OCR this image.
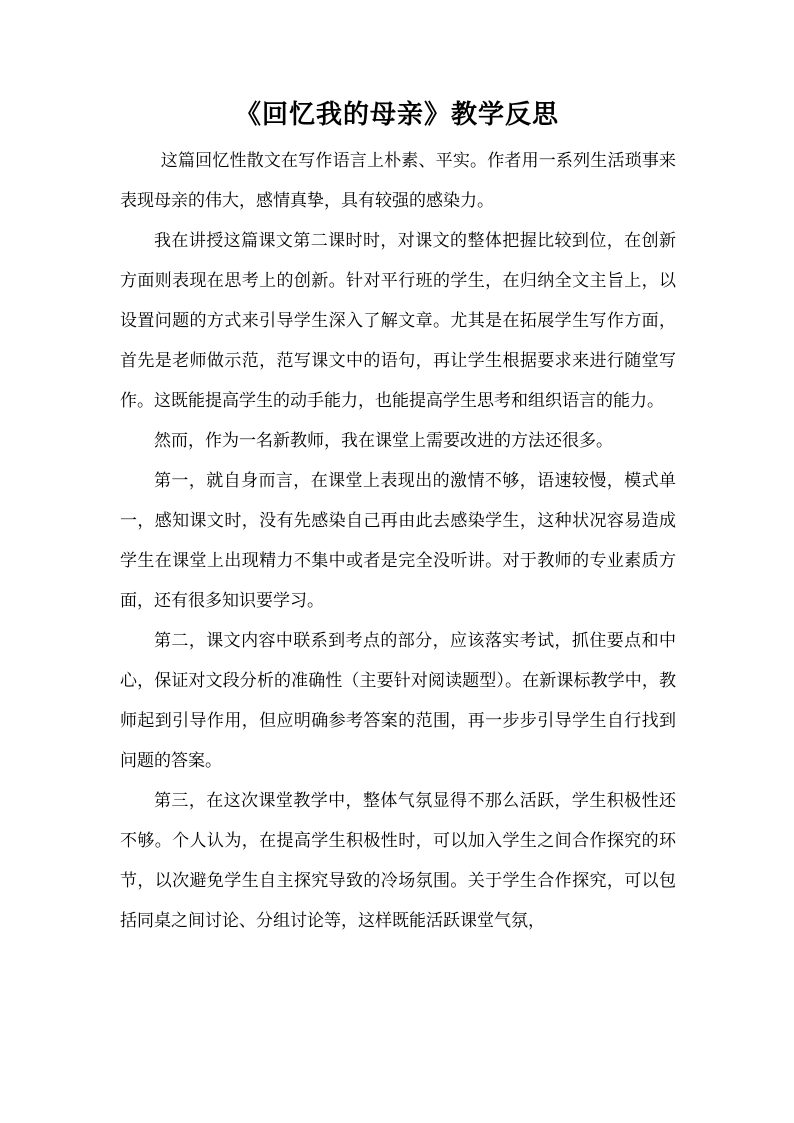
《回忆我的母亲》教学反思

这篇回忆性散文在写作语言上朴素、平实。作者用一系列生活琐事来表现母亲的伟大，感情真挚，具有较强的感染力。

我在讲授这篇课文第二课时时，对课文的整体把握比较到位，在创新方面则表现在思考上的创新。针对平行班的学生，在归纳全文主旨上，以设置问题的方式来引导学生深入了解文章。尤其是在拓展学生写作方面，首先是老师做示范，范写课文中的语句，再让学生根据要求来进行随堂写作。这既能提高学生的动手能力，也能提高学生思考和组织语言的能力。

然而，作为一名新教师，我在课堂上需要改进的方法还很多。

第一，就自身而言，在课堂上表现出的激情不够，语速较慢，模式单一，感知课文时，没有先感染自己再由此去感染学生，这种状况容易造成学生在课堂上出现精力不集中或者是完全没听讲。对于教师的专业素质方面，还有很多知识要学习。

第二，课文内容中联系到考点的部分，应该落实考试，抓住要点和中心，保证对文段分析的准确性（主要针对阅读题型）。在新课标教学中，教师起到引导作用，但应明确参考答案的范围，再一步步引导学生自行找到问题的答案。

第三，在这次课堂教学中，整体气氛显得不那么活跃，学生积极性还不够。个人认为，在提高学生积极性时，可以加入学生之间合作探究的环节，以次避免学生自主探究导致的冷场氛围。关于学生合作探究，可以包括同桌之间讨论、分组讨论等，这样既能活跃课堂气氛，
